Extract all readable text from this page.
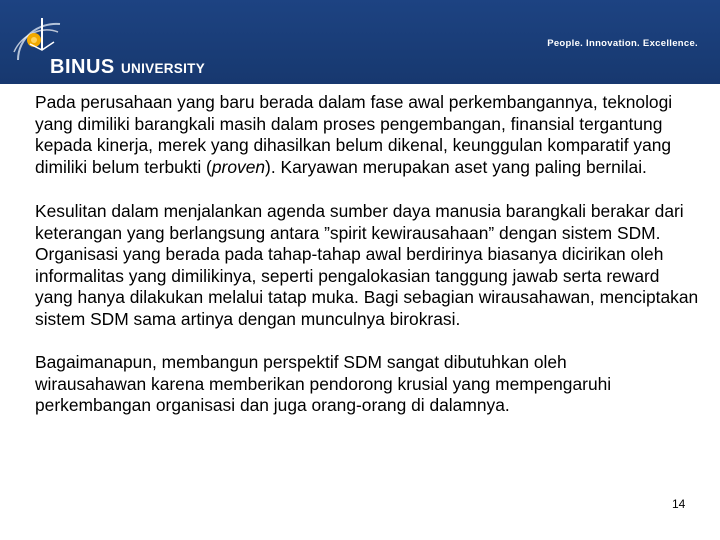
BINUS UNIVERSITY
People. Innovation. Excellence.

Pada perusahaan yang baru berada dalam fase awal perkembangannya, teknologi yang dimiliki barangkali masih dalam proses pengembangan, finansial tergantung kepada kinerja, merek yang dihasilkan belum dikenal, keunggulan komparatif yang dimiliki belum terbukti (proven). Karyawan merupakan aset yang paling bernilai.

Kesulitan dalam menjalankan agenda sumber daya manusia barangkali berakar dari keterangan yang berlangsung antara ”spirit kewirausahaan” dengan sistem SDM. Organisasi yang berada pada tahap-tahap awal berdirinya biasanya dicirikan oleh informalitas yang dimilikinya, seperti pengalokasian tanggung jawab serta reward yang hanya dilakukan melalui tatap muka. Bagi sebagian wirausahawan, menciptakan sistem SDM sama artinya dengan munculnya birokrasi.

Bagaimanapun, membangun perspektif SDM sangat dibutuhkan oleh wirausahawan karena memberikan pendorong krusial yang mempengaruhi perkembangan organisasi dan juga orang-orang di dalamnya.

14
